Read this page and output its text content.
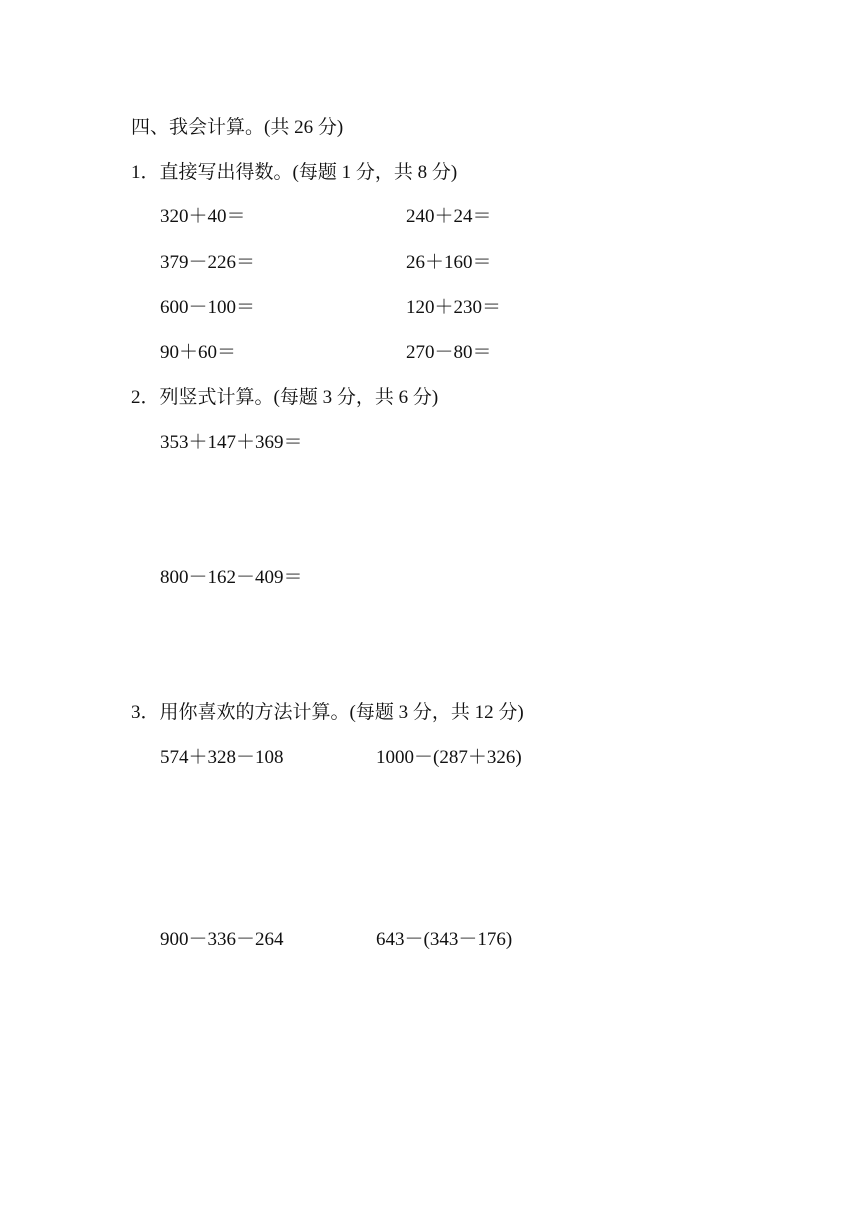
四、我会计算。(共 26 分)
1．直接写出得数。(每题 1 分，共 8 分)
320＋40＝	240＋24＝
379－226＝	26＋160＝
600－100＝	120＋230＝
90＋60＝	270－80＝
2．列竖式计算。(每题 3 分，共 6 分)
353＋147＋369＝
800－162－409＝
3．用你喜欢的方法计算。(每题 3 分，共 12 分)
574＋328－108	1000－(287＋326)
900－336－264	643－(343－176)
